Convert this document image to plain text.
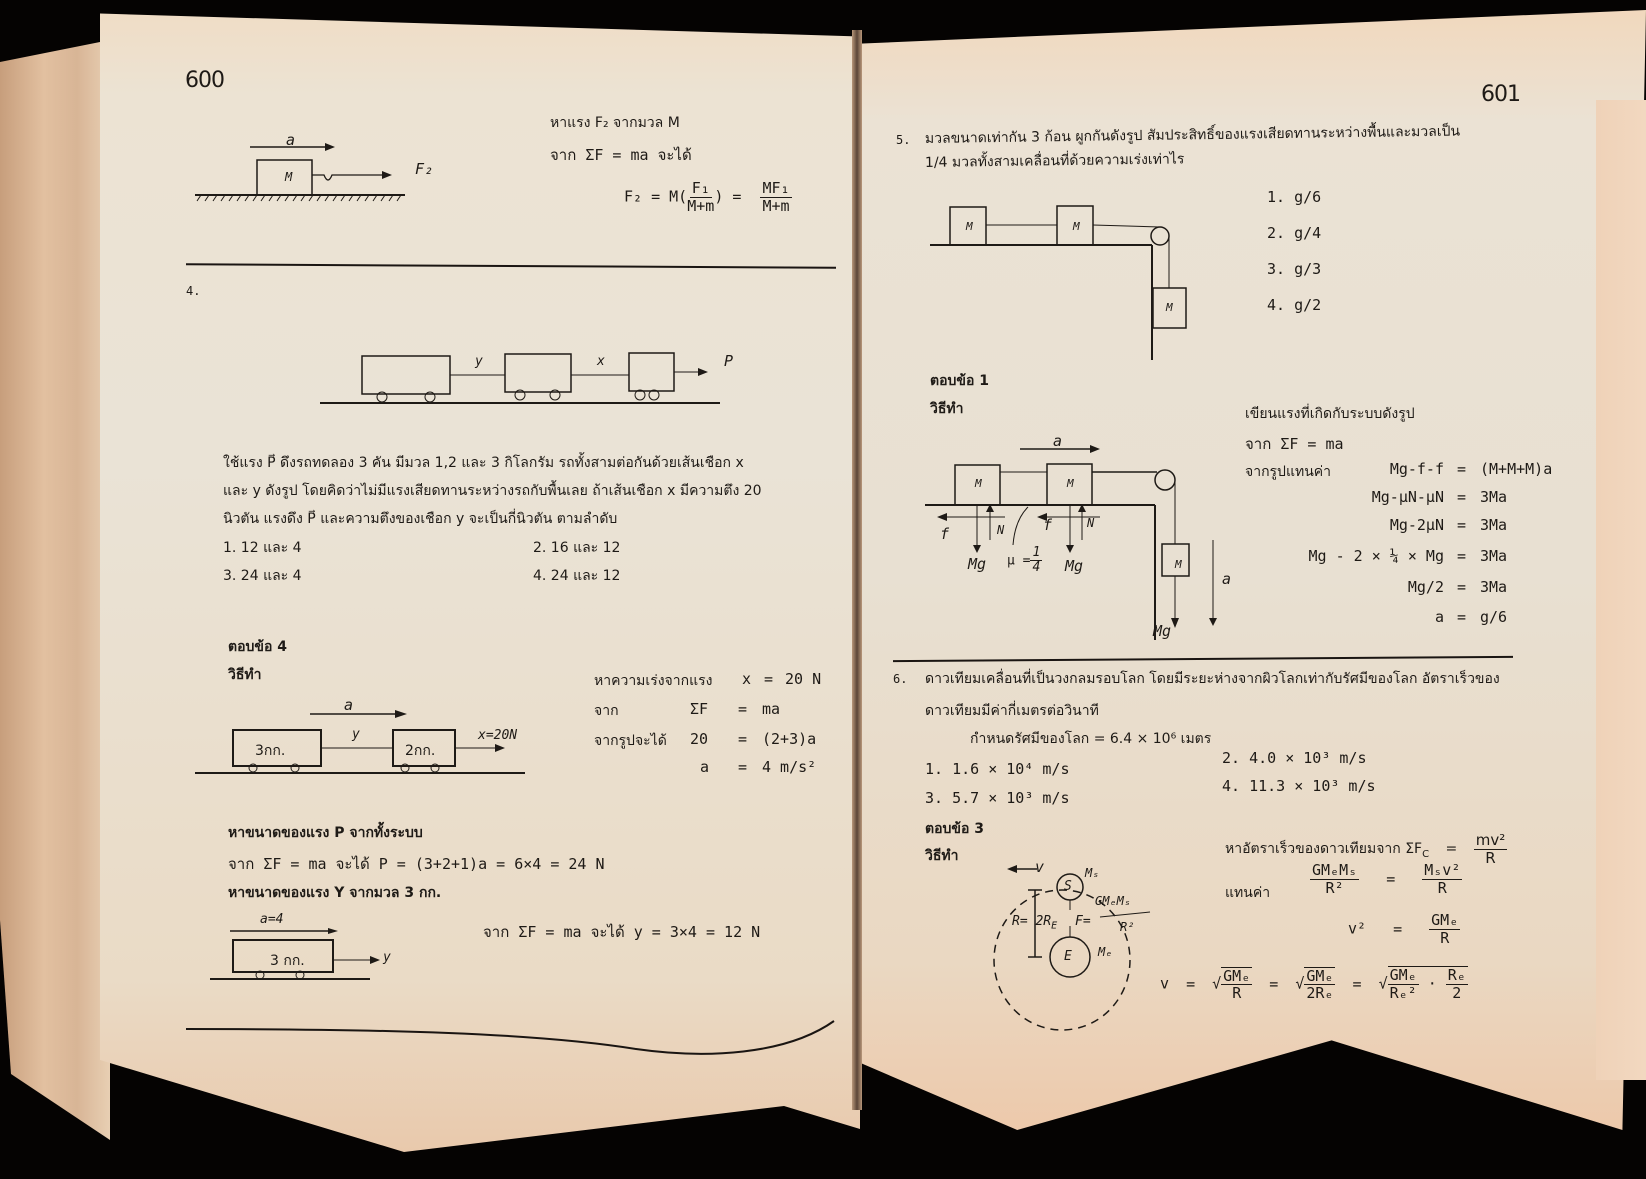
600
a
M	F₂
หาแรง F₂ จากมวล M
จาก ΣF = ma จะได้
$F_2 = M( \frac{\text{F₁}}{M+m}$ ) = $\frac{\text{MF₁}}{M+m}$
4.
y	x	P
ใช้แรง P⃗ ดึงรถทดลอง 3 คัน มีมวล 1,2 และ 3 กิโลกรัม รถทั้งสามต่อกันด้วยเส้นเชือก x
และ y ดังรูป โดยคิดว่าไม่มีแรงเสียดทานระหว่างรถกับพื้นเลย ถ้าเส้นเชือก x มีความตึง 20
นิวตัน แรงดึง P⃗ และความตึงของเชือก y จะเป็นกี่นิวตัน ตามลำดับ
1. 12 และ 4	2. 16 และ 12
3. 24 และ 4	4. 24 และ 12
ตอบข้อ 4
วิธีทำ
a
3กก.
y
2กก.
x=20N
หาความเร่งจากแรง x = 20 N
จาก	ΣF = ma
จากรูปจะได้ 20 = (2+3)a
a = 4 m/s²
หาขนาดของแรง P จากทั้งระบบ
จาก ΣF = ma จะได้ P = (3+2+1)a = 6×4 = 24 N
หาขนาดของแรง Y จากมวล 3 กก.
a=4
3 กก.	y
จาก ΣF = ma จะได้ y = 3×4 = 12 N
601
5. มวลขนาดเท่ากัน 3 ก้อน ผูกกันดังรูป สัมประสิทธิ์ของแรงเสียดทานระหว่างพื้นและมวลเป็น
1/4 มวลทั้งสามเคลื่อนที่ด้วยความเร่งเท่าไร
M	M
M
1. g/6
2. g/4
3. g/3
4. g/2
ตอบข้อ 1
วิธีทำ
a
M	M
M
f	f
N	N
Mg	Mg
Mg
a
$\mu = \frac{1}{4}$
เขียนแรงที่เกิดกับระบบดังรูป
จาก ΣF = ma
จากรูปแทนค่า	Mg-f-f = (M+M+M)a
Mg-μN-μN = 3Ma
Mg-2μN = 3Ma
Mg - 2 × ¼ × Mg = 3Ma
Mg/2 = 3Ma
a = g/6
6. ดาวเทียมเคลื่อนที่เป็นวงกลมรอบโลก โดยมีระยะห่างจากผิวโลกเท่ากับรัศมีของโลก อัตราเร็วของ
ดาวเทียมมีค่ากี่เมตรต่อวินาที
กำหนดรัศมีของโลก = 6.4 × 10⁶ เมตร
1. 1.6 × 10⁴ m/s
2. 4.0 × 10³ m/s
3. 5.7 × 10³ m/s
4. 11.3 × 10³ m/s
ตอบข้อ 3
วิธีทำ
v
S
Mₛ
$R= 2R_E$ F=
GMₑMₛ
R²
E Mₑ
หาอัตราเร็วของดาวเทียมจาก $\Sigma F_C = \frac{\text{mv²}}{R}$
แทนค่า	$\frac{\text{GMₑMₛ}}{\text{R²}} = \frac{\text{Mₛv²}}{R}$
$v^2 = \frac{\text{GMₑ}}{R}$
v = √ $\frac{\text{GMₑ}}{R}$ = √ $\frac{\text{GMₑ}}{\text{2Rₑ}}$ = √ $\frac{\text{GMₑ}}{\text{Rₑ²}} \cdot \frac{\text{Rₑ}}{2}$
